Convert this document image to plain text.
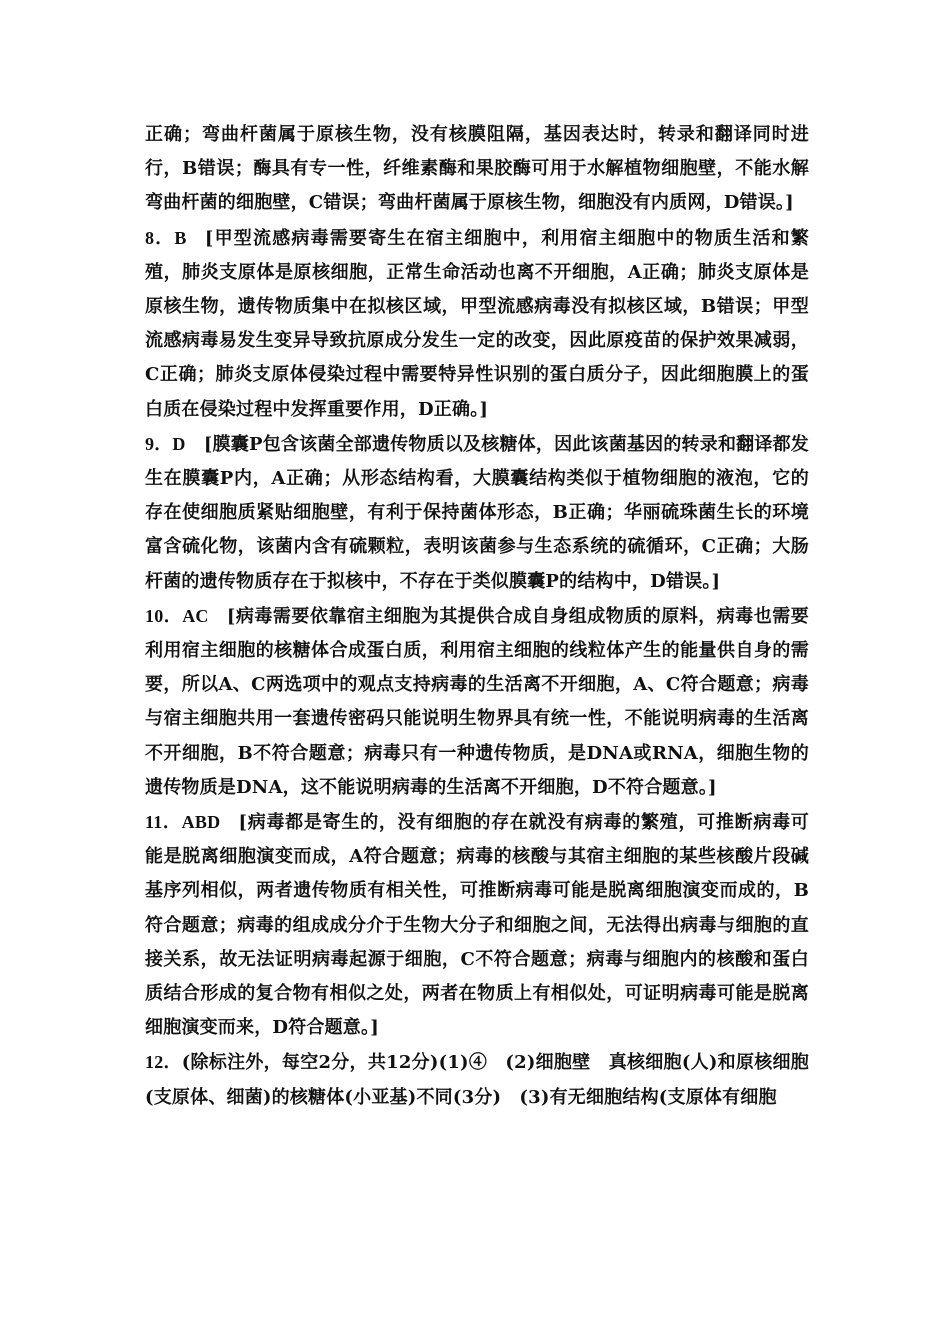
正确；弯曲杆菌属于原核生物，没有核膜阻隔，基因表达时，转录和翻译同时进行，B错误；酶具有专一性，纤维素酶和果胶酶可用于水解植物细胞壁，不能水解弯曲杆菌的细胞壁，C错误；弯曲杆菌属于原核生物，细胞没有内质网，D错误。]

8．B  [甲型流感病毒需要寄生在宿主细胞中，利用宿主细胞中的物质生活和繁殖，肺炎支原体是原核细胞，正常生命活动也离不开细胞，A正确；肺炎支原体是原核生物，遗传物质集中在拟核区域，甲型流感病毒没有拟核区域，B错误；甲型流感病毒易发生变异导致抗原成分发生一定的改变，因此原疫苗的保护效果减弱，C正确；肺炎支原体侵染过程中需要特异性识别的蛋白质分子，因此细胞膜上的蛋白质在侵染过程中发挥重要作用，D正确。]

9．D  [膜囊P包含该菌全部遗传物质以及核糖体，因此该菌基因的转录和翻译都发生在膜囊P内，A正确；从形态结构看，大膜囊结构类似于植物细胞的液泡，它的存在使细胞质紧贴细胞壁，有利于保持菌体形态，B正确；华丽硫珠菌生长的环境富含硫化物，该菌内含有硫颗粒，表明该菌参与生态系统的硫循环，C正确；大肠杆菌的遗传物质存在于拟核中，不存在于类似膜囊P的结构中，D错误。]

10．AC  [病毒需要依靠宿主细胞为其提供合成自身组成物质的原料，病毒也需要利用宿主细胞的核糖体合成蛋白质，利用宿主细胞的线粒体产生的能量供自身的需要，所以A、C两选项中的观点支持病毒的生活离不开细胞，A、C符合题意；病毒与宿主细胞共用一套遗传密码只能说明生物界具有统一性，不能说明病毒的生活离不开细胞，B不符合题意；病毒只有一种遗传物质，是DNA或RNA，细胞生物的遗传物质是DNA，这不能说明病毒的生活离不开细胞，D不符合题意。]

11．ABD  [病毒都是寄生的，没有细胞的存在就没有病毒的繁殖，可推断病毒可能是脱离细胞演变而成，A符合题意；病毒的核酸与其宿主细胞的某些核酸片段碱基序列相似，两者遗传物质有相关性，可推断病毒可能是脱离细胞演变而成的，B符合题意；病毒的组成成分介于生物大分子和细胞之间，无法得出病毒与细胞的直接关系，故无法证明病毒起源于细胞，C不符合题意；病毒与细胞内的核酸和蛋白质结合形成的复合物有相似之处，两者在物质上有相似处，可证明病毒可能是脱离细胞演变而来，D符合题意。]

12．(除标注外，每空2分，共12分)(1)④　(2)细胞壁　真核细胞(人)和原核细胞(支原体、细菌)的核糖体(小亚基)不同(3分)　(3)有无细胞结构(支原体有细胞
